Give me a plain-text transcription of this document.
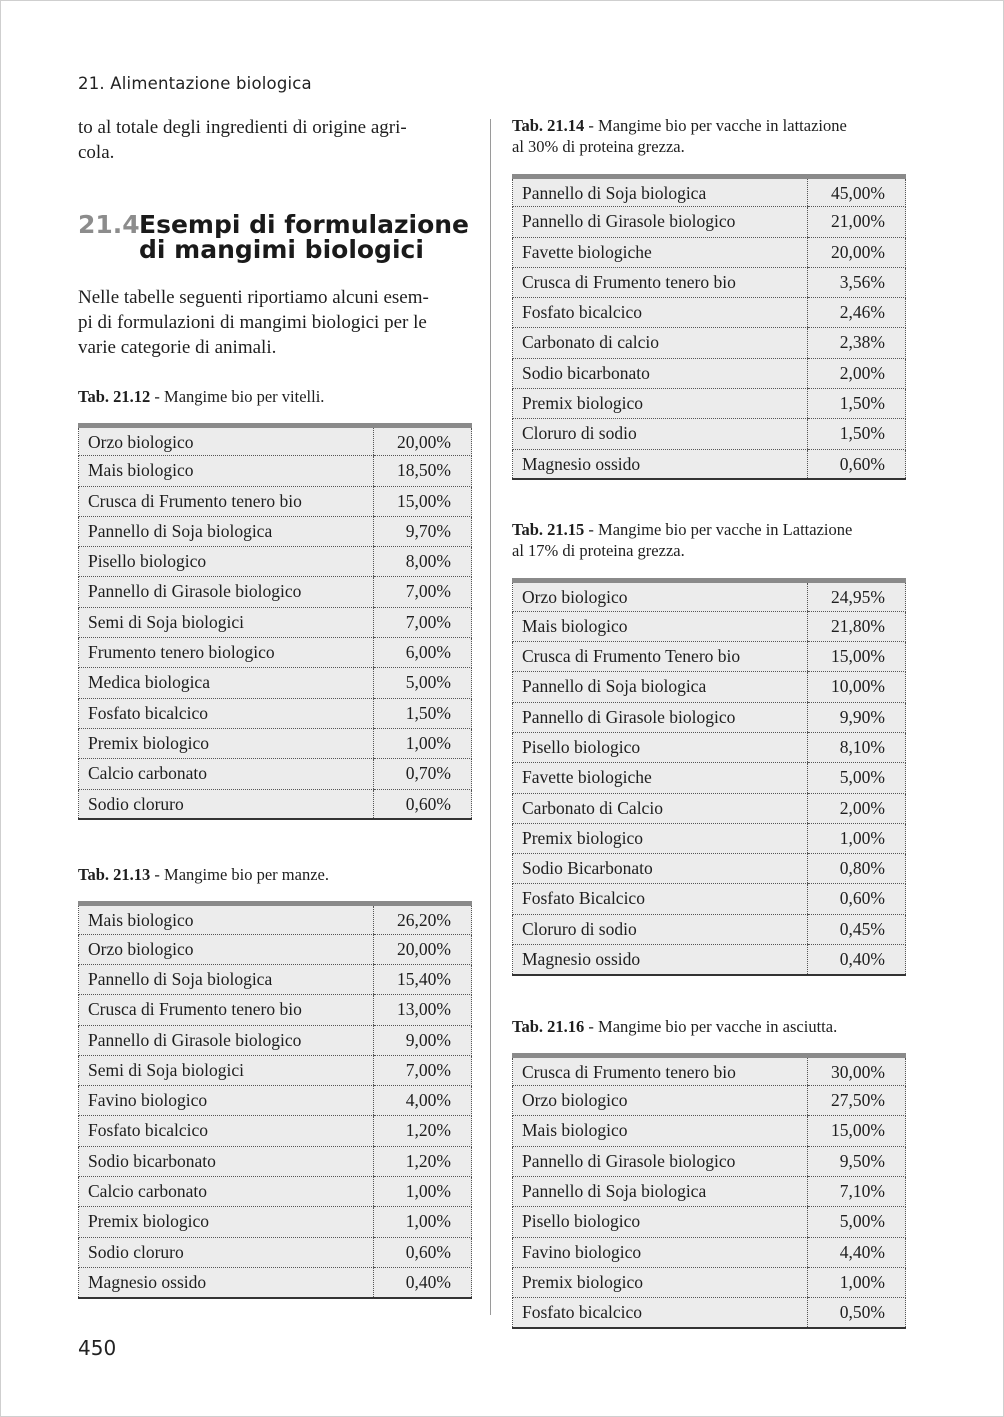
21. Alimentazione biologica

to al totale degli ingredienti di origine agri-
cola.

21.4Esempi di formulazione
di mangimi biologici

Nelle tabelle seguenti riportiamo alcuni esem-
pi di formulazioni di mangimi biologici per le
varie categorie di animali.

Tab. 21.12 - Mangime bio per vitelli.

Orzo biologico	20,00%
Mais biologico	18,50%
Crusca di Frumento tenero bio	15,00%
Pannello di Soja biologica	9,70%
Pisello biologico	8,00%
Pannello di Girasole biologico	7,00%
Semi di Soja biologici	7,00%
Frumento tenero biologico	6,00%
Medica biologica	5,00%
Fosfato bicalcico	1,50%
Premix biologico	1,00%
Calcio carbonato	0,70%
Sodio cloruro	0,60%

Tab. 21.13 - Mangime bio per manze.

Mais biologico	26,20%
Orzo biologico	20,00%
Pannello di Soja biologica	15,40%
Crusca di Frumento tenero bio	13,00%
Pannello di Girasole biologico	9,00%
Semi di Soja biologici	7,00%
Favino biologico	4,00%
Fosfato bicalcico	1,20%
Sodio bicarbonato	1,20%
Calcio carbonato	1,00%
Premix biologico	1,00%
Sodio cloruro	0,60%
Magnesio ossido	0,40%

Tab. 21.14 - Mangime bio per vacche in lattazione
al 30% di proteina grezza.

Pannello di Soja biologica	45,00%
Pannello di Girasole biologico	21,00%
Favette biologiche	20,00%
Crusca di Frumento tenero bio	3,56%
Fosfato bicalcico	2,46%
Carbonato di calcio	2,38%
Sodio bicarbonato	2,00%
Premix biologico	1,50%
Cloruro di sodio	1,50%
Magnesio ossido	0,60%

Tab. 21.15 - Mangime bio per vacche in Lattazione
al 17% di proteina grezza.

Orzo biologico	24,95%
Mais biologico	21,80%
Crusca di Frumento Tenero bio	15,00%
Pannello di Soja biologica	10,00%
Pannello di Girasole biologico	9,90%
Pisello biologico	8,10%
Favette biologiche	5,00%
Carbonato di Calcio	2,00%
Premix biologico	1,00%
Sodio Bicarbonato	0,80%
Fosfato Bicalcico	0,60%
Cloruro di sodio	0,45%
Magnesio ossido	0,40%

Tab. 21.16 - Mangime bio per vacche in asciutta.

Crusca di Frumento tenero bio	30,00%
Orzo biologico	27,50%
Mais biologico	15,00%
Pannello di Girasole biologico	9,50%
Pannello di Soja biologica	7,10%
Pisello biologico	5,00%
Favino biologico	4,40%
Premix biologico	1,00%
Fosfato bicalcico	0,50%
450
